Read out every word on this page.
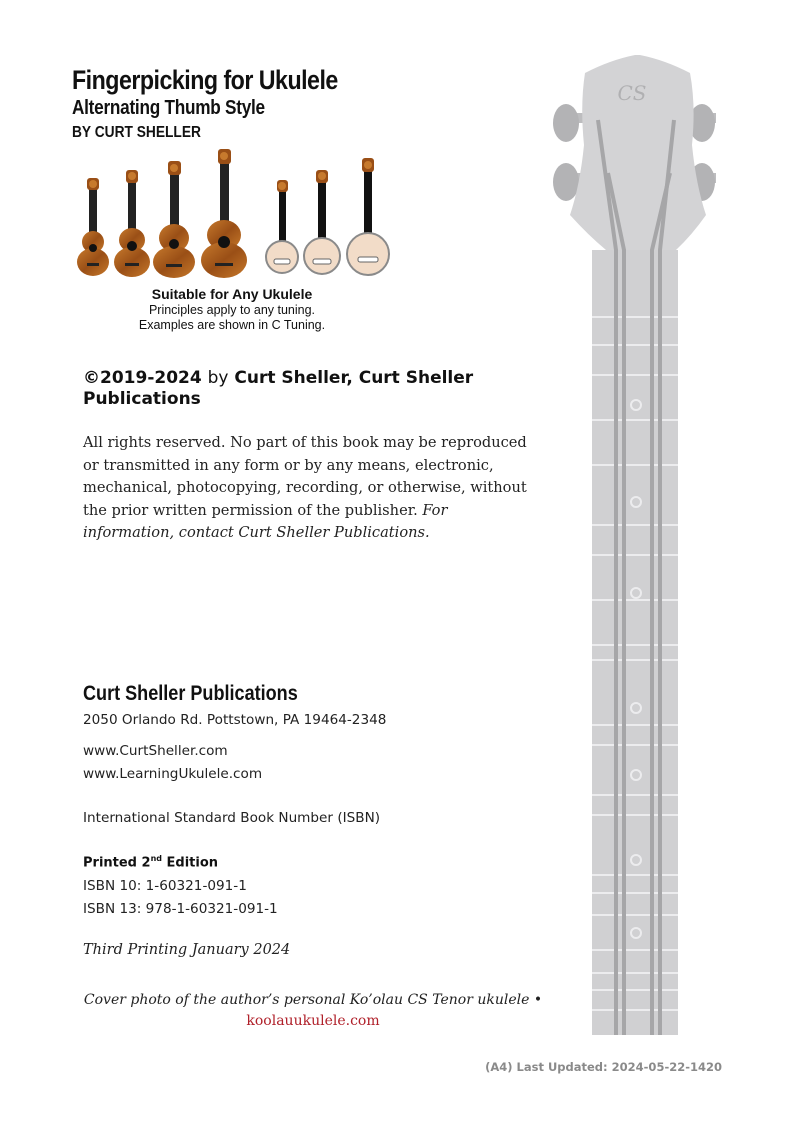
Fingerpicking for Ukulele
Alternating Thumb Style
BY CURT SHELLER
Suitable for Any Ukulele
Principles apply to any tuning.
Examples are shown in C Tuning.
©2019-2024 by Curt Sheller, Curt Sheller Publications
All rights reserved. No part of this book may be reproduced or transmitted in any form or by any means, electronic, mechanical, photocopying, recording, or otherwise, without the prior written permission of the publisher. For information, contact Curt Sheller Publications.
Curt Sheller Publications
2050 Orlando Rd. Pottstown, PA 19464-2348
www.CurtSheller.com
www.LearningUkulele.com
International Standard Book Number (ISBN)
Printed 2nd Edition
ISBN 10: 1-60321-091-1
ISBN 13: 978-1-60321-091-1
Third Printing January 2024
Cover photo of the author’s personal Ko’olau CS Tenor ukulele •
koolauukulele.com
(A4) Last Updated: 2024-05-22-1420
CS
